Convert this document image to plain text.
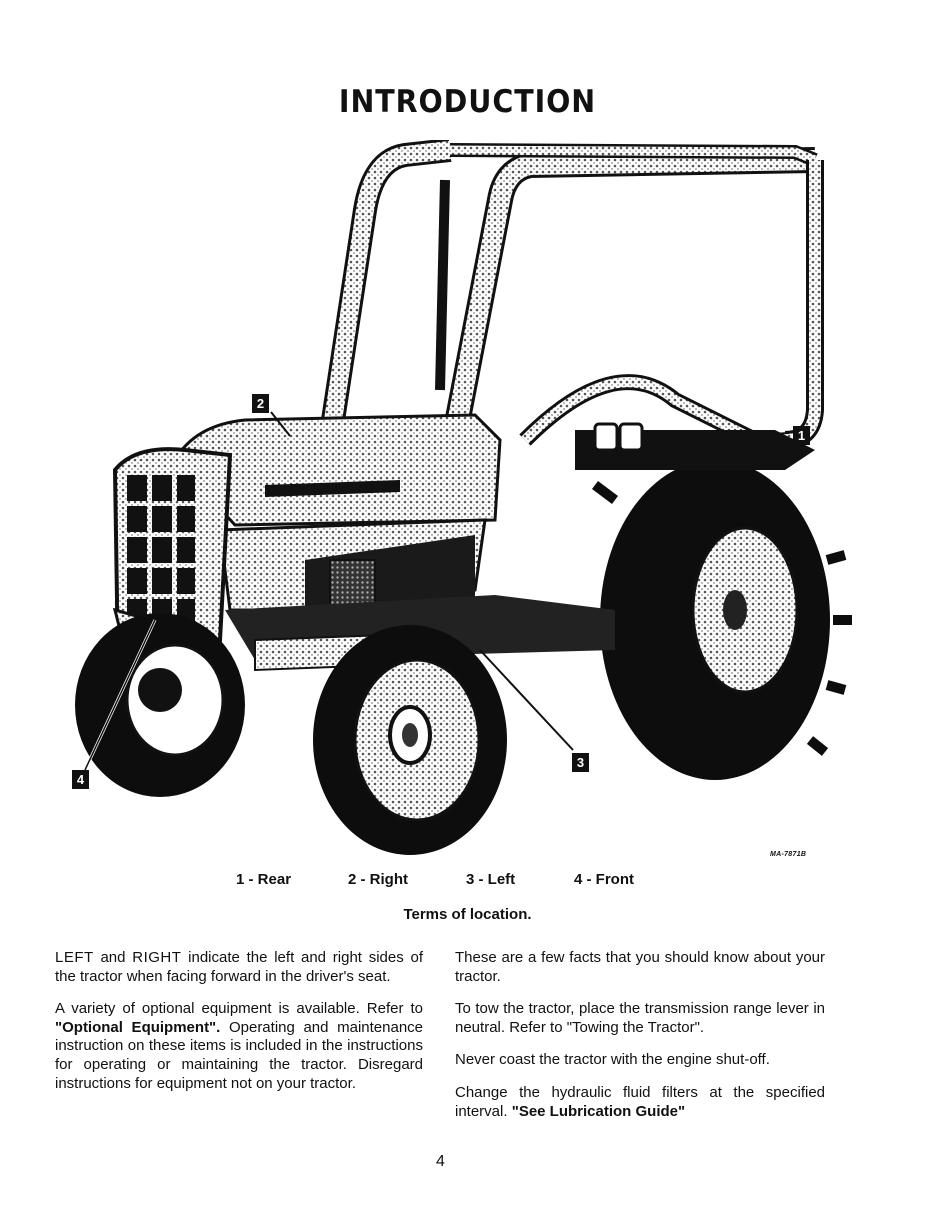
INTRODUCTION
1
2
3
4
MA-7871B
1 - Rear	2 - Right	3 - Left	4 - Front
Terms of location.

LEFT and RIGHT indicate the left and right sides of the tractor when facing forward in the driver's seat.

A variety of optional equipment is available. Refer to "Optional Equipment". Operating and maintenance instruction on these items is included in the instructions for operating or maintaining the tractor. Disregard instructions for equipment not on your tractor.

These are a few facts that you should know about your tractor.

To tow the tractor, place the transmission range lever in neutral. Refer to "Towing the Tractor".

Never coast the tractor with the engine shut-off.

Change the hydraulic fluid filters at the specified interval. "See Lubrication Guide"

4
